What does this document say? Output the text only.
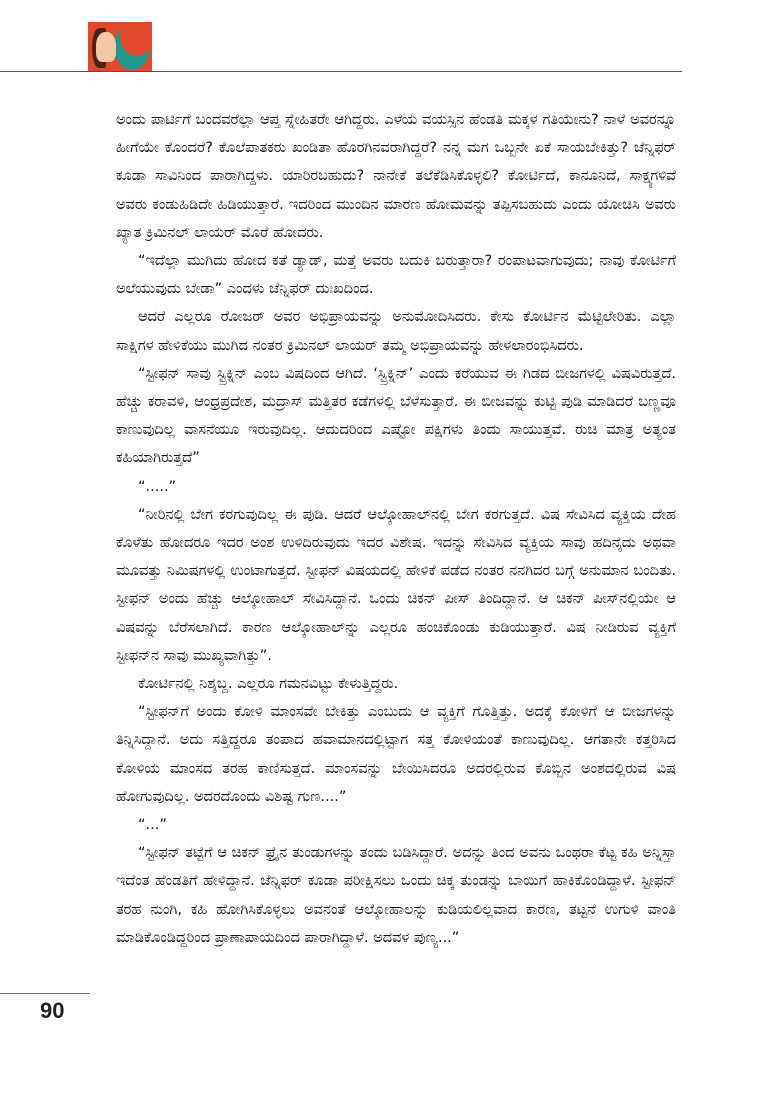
ಅಂದು ಪಾರ್ಟಿಗೆ ಬಂದವರೆಲ್ಲಾ ಆಪ್ತ ಸ್ನೇಹಿತರೇ ಆಗಿದ್ದರು. ಎಳೆಯ ವಯಸ್ಸಿನ ಹೆಂಡತಿ ಮಕ್ಕಳ ಗತಿಯೇನು? ನಾಳೆ ಅವರನ್ನೂ ಹೀಗೆಯೇ ಕೊಂದರೆ? ಕೊಲೆಪಾತಕರು ಖಂಡಿತಾ ಹೊರಗಿನವರಾಗಿದ್ದರೆ? ನನ್ನ ಮಗ ಒಬ್ಬನೇ ಏಕೆ ಸಾಯಬೇಕಿತ್ತು? ಜೆನ್ನಿಫರ್ ಕೂಡಾ ಸಾವಿನಿಂದ ಪಾರಾಗಿದ್ದಳು. ಯಾರಿರಬಹುದು? ನಾನೇಕೆ ತಲೆಕೆಡಿಸಿಕೊಳ್ಳಲಿ? ಕೋರ್ಟಿದೆ, ಕಾನೂನಿದೆ, ಸಾಕ್ಷ್ಯಗಳಿವೆ ಅವರು ಕಂಡುಹಿಡಿದೇ ಹಿಡಿಯುತ್ತಾರೆ. ಇದರಿಂದ ಮುಂದಿನ ಮಾರಣ ಹೋಮವನ್ನು ತಪ್ಪಿಸಬಹುದು ಎಂದು ಯೋಚಿಸಿ ಅವರು ಖ್ಯಾತ ಕ್ರಿಮಿನಲ್ ಲಾಯರ್ ಮೊರೆ ಹೋದರು.

“ಇದೆಲ್ಲಾ ಮುಗಿದು ಹೋದ ಕತೆ ಡ್ಯಾಡ್, ಮತ್ತೆ ಅವರು ಬದುಕಿ ಬರುತ್ತಾರಾ? ರಂಪಾಟವಾಗುವುದು; ನಾವು ಕೋರ್ಟಿಗೆ ಅಲೆಯುವುದು ಬೇಡಾ” ಎಂದಳು ಜೆನ್ನಿಫರ್ ದುಃಖದಿಂದ.

ಆದರೆ ಎಲ್ಲರೂ ರೋಜರ್ ಅವರ ಅಭಿಪ್ರಾಯವನ್ನು ಅನುಮೋದಿಸಿದರು. ಕೇಸು ಕೋರ್ಟಿನ ಮೆಟ್ಟಿಲೇರಿತು. ಎಲ್ಲಾ ಸಾಕ್ಷಿಗಳ ಹೇಳಿಕೆಯು ಮುಗಿದ ನಂತರ ಕ್ರಿಮಿನಲ್ ಲಾಯರ್ ತಮ್ಮ ಅಭಿಪ್ರಾಯವನ್ನು ಹೇಳಲಾರಂಭಿಸಿದರು.

“ಸ್ಟೀಫನ್ ಸಾವು ಸ್ಟ್ರಿಕ್ನಿನ್ ಎಂಬ ವಿಷದಿಂದ ಆಗಿದೆ. ‘ಸ್ಟ್ರಿಕ್ನಿನ್’ ಎಂದು ಕರೆಯುವ ಈ ಗಿಡದ ಬೀಜಗಳಲ್ಲಿ ವಿಷವಿರುತ್ತದೆ. ಹೆಚ್ಚು ಕರಾವಳಿ, ಆಂಧ್ರಪ್ರದೇಶ, ಮದ್ರಾಸ್ ಮತ್ತಿತರ ಕಡೆಗಳಲ್ಲಿ ಬೆಳೆಸುತ್ತಾರೆ. ಈ ಬೀಜವನ್ನು ಕುಟ್ಟಿ ಪುಡಿ ಮಾಡಿದರೆ ಬಣ್ಣವೂ ಕಾಣುವುದಿಲ್ಲ ವಾಸನೆಯೂ ಇರುವುದಿಲ್ಲ. ಆದುದರಿಂದ ಎಷ್ಟೋ ಪಕ್ಷಿಗಳು ತಿಂದು ಸಾಯುತ್ತವೆ. ರುಚಿ ಮಾತ್ರ ಅತ್ಯಂತ ಕಹಿಯಾಗಿರುತ್ತದೆ”

“.....”

“ನೀರಿನಲ್ಲಿ ಬೇಗ ಕರಗುವುದಿಲ್ಲ ಈ ಪುಡಿ. ಆದರೆ ಆಲ್ಕೋಹಾಲ್‌ನಲ್ಲಿ ಬೇಗ ಕರಗುತ್ತದೆ. ವಿಷ ಸೇವಿಸಿದ ವ್ಯಕ್ತಿಯ ದೇಹ ಕೊಳೆತು ಹೋದರೂ ಇದರ ಅಂಶ ಉಳಿದಿರುವುದು ಇದರ ವಿಶೇಷ. ಇದನ್ನು ಸೇವಿಸಿದ ವ್ಯಕ್ತಿಯ ಸಾವು ಹದಿನೈದು ಅಥವಾ ಮೂವತ್ತು ನಿಮಿಷಗಳಲ್ಲಿ ಉಂಟಾಗುತ್ತದೆ. ಸ್ಟೀಫನ್ ವಿಷಯದಲ್ಲಿ ಹೇಳಿಕೆ ಪಡೆದ ನಂತರ ನನಗಿದರ ಬಗ್ಗೆ ಅನುಮಾನ ಬಂದಿತು. ಸ್ಟೀಫನ್ ಅಂದು ಹೆಚ್ಚು ಆಲ್ಕೋಹಾಲ್ ಸೇವಿಸಿದ್ದಾನೆ. ಒಂದು ಚಿಕನ್ ಪೀಸ್ ತಿಂದಿದ್ದಾನೆ. ಆ ಚಿಕನ್ ಪೀಸ್‌ನಲ್ಲಿಯೇ ಆ ವಿಷವನ್ನು ಬೆರೆಸಲಾಗಿದೆ. ಕಾರಣ ಆಲ್ಕೋಹಾಲ್‌ನ್ನು ಎಲ್ಲರೂ ಹಂಚಿಕೊಂಡು ಕುಡಿಯುತ್ತಾರೆ. ವಿಷ ನೀಡಿರುವ ವ್ಯಕ್ತಿಗೆ ಸ್ಟೀಫನ್‌ನ ಸಾವು ಮುಖ್ಯವಾಗಿತ್ತು”.

ಕೋರ್ಟಿನಲ್ಲಿ ನಿಶ್ಶಬ್ದ. ಎಲ್ಲರೂ ಗಮನವಿಟ್ಟು ಕೇಳುತ್ತಿದ್ದರು.

“ಸ್ಟೀಫನ್‌ಗೆ ಅಂದು ಕೋಳಿ ಮಾಂಸವೇ ಬೇಕಿತ್ತು ಎಂಬುದು ಆ ವ್ಯಕ್ತಿಗೆ ಗೊತ್ತಿತ್ತು. ಅದಕ್ಕೆ ಕೋಳಿಗೆ ಆ ಬೀಜಗಳನ್ನು ತಿನ್ನಿಸಿದ್ದಾನೆ. ಅದು ಸತ್ತಿದ್ದರೂ ತಂಪಾದ ಹವಾಮಾನದಲ್ಲಿಟ್ಟಾಗ ಸತ್ತ ಕೋಳಿಯಂತೆ ಕಾಣುವುದಿಲ್ಲ. ಆಗತಾನೇ ಕತ್ತರಿಸಿದ ಕೋಳಿಯ ಮಾಂಸದ ತರಹ ಕಾಣಿಸುತ್ತದೆ. ಮಾಂಸವನ್ನು ಬೇಯಿಸಿದರೂ ಅದರಲ್ಲಿರುವ ಕೊಬ್ಬಿನ ಅಂಶದಲ್ಲಿರುವ ವಿಷ ಹೋಗುವುದಿಲ್ಲ. ಅದರದೊಂದು ವಿಶಿಷ್ಟ ಗುಣ....”

“...”

“ಸ್ಟೀಫನ್ ತಟ್ಟೆಗೆ ಆ ಚಿಕನ್ ಫ್ರೈನ ತುಂಡುಗಳನ್ನು ತಂದು ಬಡಿಸಿದ್ದಾರೆ. ಅದನ್ನು ತಿಂದ ಅವನು ಒಂಥರಾ ಕೆಟ್ಟ ಕಹಿ ಅನ್ನಿಸ್ತಾ ಇದೆಂತ ಹೆಂಡತಿಗೆ ಹೇಳಿದ್ದಾನೆ. ಜೆನ್ನಿಫರ್ ಕೂಡಾ ಪರೀಕ್ಷಿಸಲು ಒಂದು ಚಿಕ್ಕ ತುಂಡನ್ನು ಬಾಯಿಗೆ ಹಾಕಿಕೊಂಡಿದ್ದಾಳೆ. ಸ್ಟೀಫನ್ ತರಹ ನುಂಗಿ, ಕಹಿ ಹೋಗಿಸಿಕೊಳ್ಳಲು ಅವನಂತೆ ಆಲ್ಕೋಹಾಲನ್ನು ಕುಡಿಯಲಿಲ್ಲವಾದ ಕಾರಣ, ತಟ್ಟನೆ ಉಗುಳಿ ವಾಂತಿ ಮಾಡಿಕೊಂಡಿದ್ದರಿಂದ ಪ್ರಾಣಾಪಾಯದಿಂದ ಪಾರಾಗಿದ್ದಾಳೆ. ಅದವಳ ಪುಣ್ಯ...”

90
